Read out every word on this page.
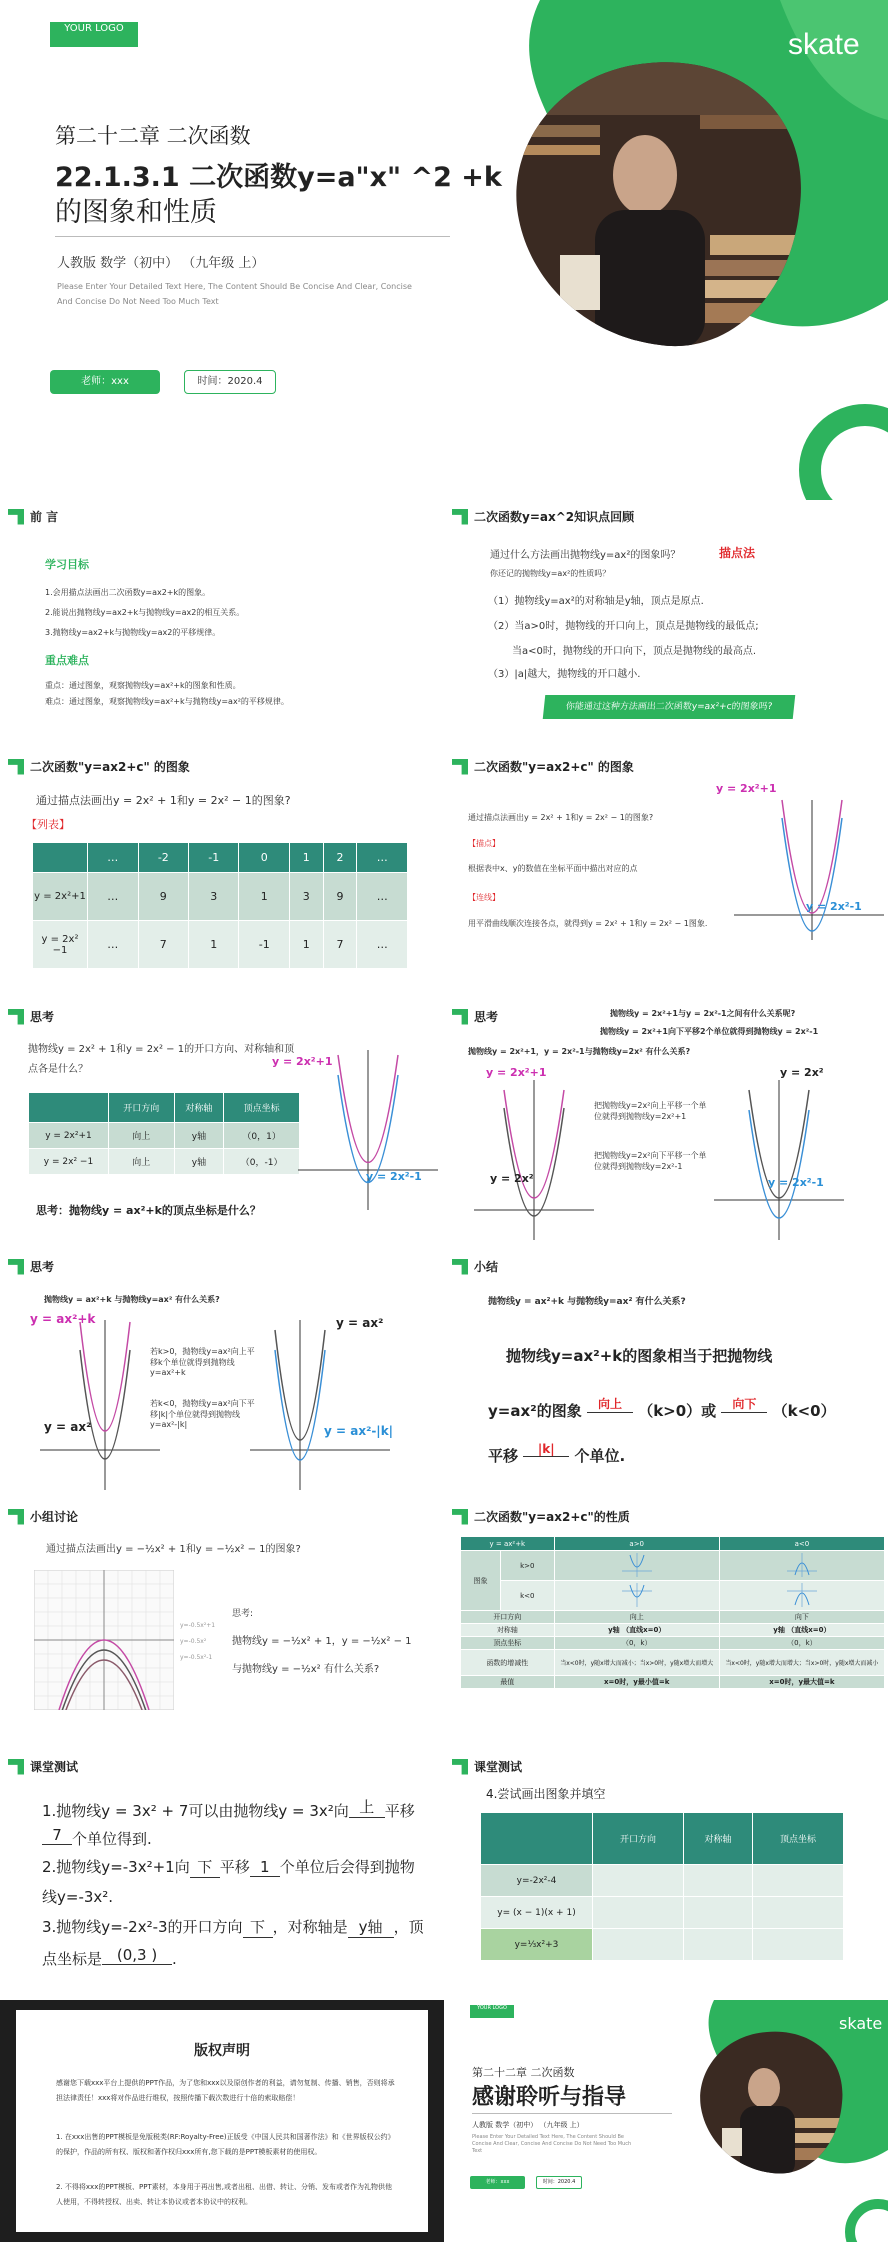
skate
YOUR LOGO
第二十二章 二次函数
22.1.3.1 二次函数y=a"x" ^2 +k
的图象和性质
人教版 数学（初中） （九年级 上）
Please Enter Your Detailed Text Here, The Content Should Be Concise And Clear, Concise
And Concise Do Not Need Too Much Text
老师：xxx	时间：2020.4
前 言
学习目标
1.会用描点法画出二次函数y=ax2+k的图象。
2.能说出抛物线y=ax2+k与抛物线y=ax2的相互关系。
3.抛物线y=ax2+k与抛物线y=ax2的平移规律。
重点难点
重点：通过图象，观察抛物线y=ax²+k的图象和性质。
难点：通过图象，观察抛物线y=ax²+k与抛物线y=ax²的平移规律。
二次函数y=ax^2知识点回顾
通过什么方法画出抛物线y=ax²的图象吗？	描点法
你还记的抛物线y=ax²的性质吗？
（1）抛物线y=ax²的对称轴是y轴，顶点是原点.
（2）当a>0时，抛物线的开口向上，顶点是抛物线的最低点;
当a<0时，抛物线的开口向下，顶点是抛物线的最高点.
（3）|a|越大，抛物线的开口越小.
你能通过这种方法画出二次函数y=ax²+c的图象吗?
二次函数"y=ax2+c" 的图象
通过描点法画出y = 2x² + 1和y = 2x² − 1的图象?
【列表】
	…	-2	-1	0	1	2	…
y = 2x²+1	…	9	3	1	3	9	…
y = 2x² −1	…	7	1	-1	1	7	…
二次函数"y=ax2+c" 的图象
通过描点法画出y = 2x² + 1和y = 2x² − 1的图象?
【描点】
根据表中x、y的数值在坐标平面中描出对应的点
【连线】
用平滑曲线顺次连接各点，就得到y = 2x² + 1和y = 2x² − 1图象.
y = 2x²+1
y = 2x²-1
思考
抛物线y = 2x² + 1和y = 2x² − 1的开口方向、对称轴和顶点各是什么？
	开口方向	对称轴	顶点坐标
y = 2x²+1	向上	y轴	（0，1）
y = 2x² −1	向上	y轴	（0，-1）
思考：抛物线y = ax²+k的顶点坐标是什么？
y = 2x²+1
y = 2x²-1
思考	抛物线y = 2x²+1与y = 2x²-1之间有什么关系呢?
抛物线y = 2x²+1向下平移2个单位就得到抛物线y = 2x²-1
抛物线y = 2x²+1，y = 2x²-1与抛物线y=2x² 有什么关系?
把抛物线y=2x²向上平移一个单位就得到抛物线y=2x²+1
把抛物线y=2x²向下平移一个单位就得到抛物线y=2x²-1
y = 2x²+1
y = 2x²
y = 2x²
y = 2x²-1
思考
抛物线y = ax²+k 与抛物线y=ax² 有什么关系?
若k>0，抛物线y=ax²向上平移k个单位就得到抛物线y=ax²+k
若k<0，抛物线y=ax²向下平移|k|个单位就得到抛物线y=ax²-|k|
y = ax²+k
y = ax²
y = ax²
y = ax²-|k|
小结
抛物线y = ax²+k 与抛物线y=ax² 有什么关系?
抛物线y=ax²+k的图象相当于把抛物线
y=ax²的图象 向上 （k>0）或 向下 （k<0）
平移 |k| 个单位.
小组讨论
通过描点法画出y = −½x² + 1和y = −½x² − 1的图象?
y=-0.5x²+1
y=-0.5x²
y=-0.5x²-1
思考:
抛物线y = −½x² + 1，y = −½x² − 1
与抛物线y = −½x² 有什么关系?
二次函数"y=ax2+c"的性质
y = ax²+k		a>0	a<0
图象	k>0		
	k<0		
开口方向		向上	向下
对称轴		y轴 （直线x=0）	y轴 （直线x=0）
顶点坐标		（0，k）	（0，k）
函数的增减性		当x<0时，y随x增大而减小；当x>0时，y随x增大而增大	当x<0时，y随x增大而增大；当x>0时，y随x增大而减小
最值		x=0时，y最小值=k	x=0时，y最大值=k
课堂测试
1.抛物线y = 3x² + 7可以由抛物线y = 3x²向 上 平移
7 个单位得到.
2.抛物线y=-3x²+1向 下 平移 1 个单位后会得到抛物
线y=-3x².
3.抛物线y=-2x²-3的开口方向 下 ，对称轴是 y轴 ，顶
点坐标是 (0,3 ) .
课堂测试
4.尝试画出图象并填空
	开口方向	对称轴	顶点坐标
y=-2x²-4			
y= (x − 1)(x + 1)			
y=⅓x²+3			
版权声明
感谢您下载xxx平台上提供的PPT作品，为了您和xxx以及原创作者的利益，请勿复制、传播、销售，否则将承担法律责任！xxx将对作品进行维权，按照传播下载次数进行十倍的索取赔偿！
1. 在xxx出售的PPT模板是免版税类(RF:Royalty-Free)正版受《中国人民共和国著作法》和《世界版权公约》的保护，作品的所有权、版权和著作权归xxx所有,您下载的是PPT模板素材的使用权。
2. 不得将xxx的PPT模板、PPT素材，本身用于再出售,或者出租、出借、转让、分销、发布或者作为礼物供他人使用，不得转授权、出卖、转让本协议或者本协议中的权利。
skate
YOUR LOGO
第二十二章 二次函数
感谢聆听与指导
人教版 数学（初中） （九年级 上）
Please Enter Your Detailed Text Here, The Content Should Be Concise And Clear, Concise And Concise Do Not Need Too Much Text
老师：xxx	时间：2020.4
